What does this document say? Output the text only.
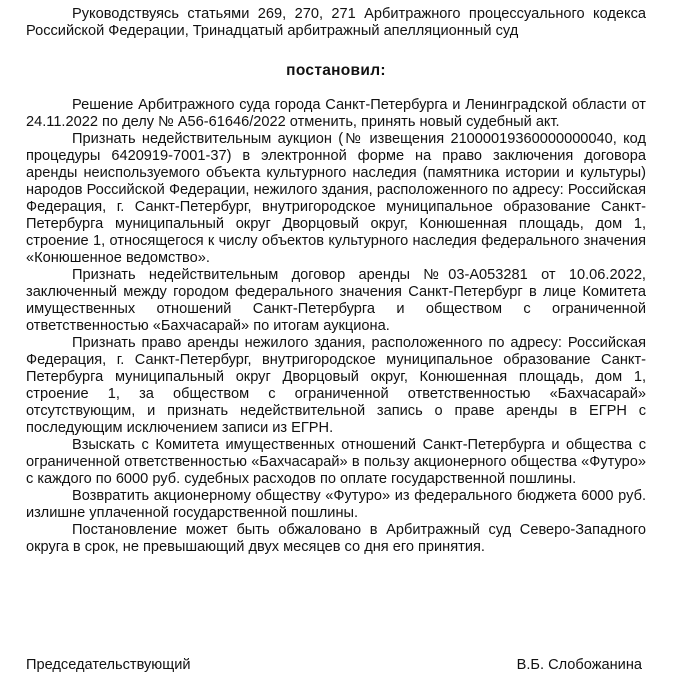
Руководствуясь статьями 269, 270, 271 Арбитражного процессуального кодекса Российской Федерации, Тринадцатый арбитражный апелляционный суд

постановил:

Решение Арбитражного суда города Санкт-Петербурга и Ленинградской области от 24.11.2022 по делу № А56-61646/2022 отменить, принять новый судебный акт.

Признать недействительным аукцион (№ извещения 21000019360000000040, код процедуры 6420919-7001-37) в электронной форме на право заключения договора аренды неиспользуемого объекта культурного наследия (памятника истории и культуры) народов Российской Федерации, нежилого здания, расположенного по адресу: Российская Федерация, г. Санкт-Петербург, внутригородское муниципальное образование Санкт-Петербурга муниципальный округ Дворцовый округ, Конюшенная площадь, дом 1, строение 1, относящегося к числу объектов культурного наследия федерального значения «Конюшенное ведомство».

Признать недействительным договор аренды №03-А053281 от 10.06.2022, заключенный между городом федерального значения Санкт-Петербург в лице Комитета имущественных отношений Санкт-Петербурга и обществом с ограниченной ответственностью «Бахчасарай» по итогам аукциона.

Признать право аренды нежилого здания, расположенного по адресу: Российская Федерация, г. Санкт-Петербург, внутригородское муниципальное образование Санкт-Петербурга муниципальный округ Дворцовый округ, Конюшенная площадь, дом 1, строение 1, за обществом с ограниченной ответственностью «Бахчасарай» отсутствующим, и признать недействительной запись о праве аренды в ЕГРН с последующим исключением записи из ЕГРН.

Взыскать с Комитета имущественных отношений Санкт-Петербурга и общества с ограниченной ответственностью «Бахчасарай» в пользу акционерного общества «Футуро» с каждого по 6000 руб. судебных расходов по оплате государственной пошлины.

Возвратить акционерному обществу «Футуро» из федерального бюджета 6000 руб. излишне уплаченной государственной пошлины.

Постановление может быть обжаловано в Арбитражный суд Северо-Западного округа в срок, не превышающий двух месяцев со дня его принятия.

Председательствующий	В.Б. Слобожанина
